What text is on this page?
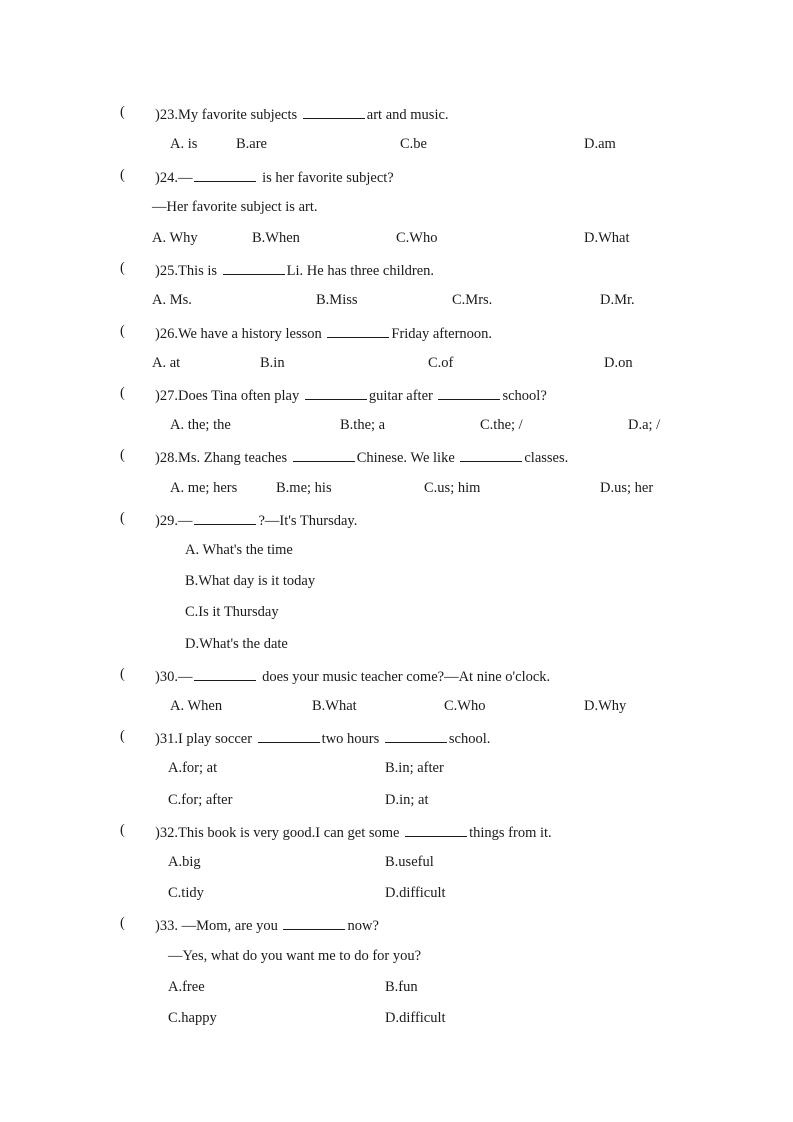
( )23.My favorite subjects	art and music.
A. is	B.are	C.be	D.am
( )24.—	is her favorite subject?
—Her favorite subject is art.
A. Why	B.When	C.Who	D.What
( )25.This is	Li. He has three children.
A. Ms.	B.Miss	C.Mrs.	D.Mr.
( )26.We have a history lesson	Friday afternoon.
A. at	B.in	C.of	D.on
( )27.Does Tina often play	guitar after	school?
A. the; the	B.the; a	C.the; /	D.a; /
( )28.Ms. Zhang teaches	Chinese. We like	classes.
A. me; hers	B.me; his	C.us; him	D.us; her
( )29.—	?—It's Thursday.
A. What's the time
B.What day is it today
C.Is it Thursday
D.What's the date
( )30.—	does your music teacher come?—At nine o'clock.
A. When	B.What	C.Who	D.Why
( )31.I play soccer	two hours	school.
A.for; at	B.in; after
C.for; after	D.in; at
( )32.This book is very good.I can get some	things from it.
A.big	B.useful
C.tidy	D.difficult
( )33. —Mom, are you	now?
—Yes, what do you want me to do for you?
A.free	B.fun
C.happy	D.difficult
